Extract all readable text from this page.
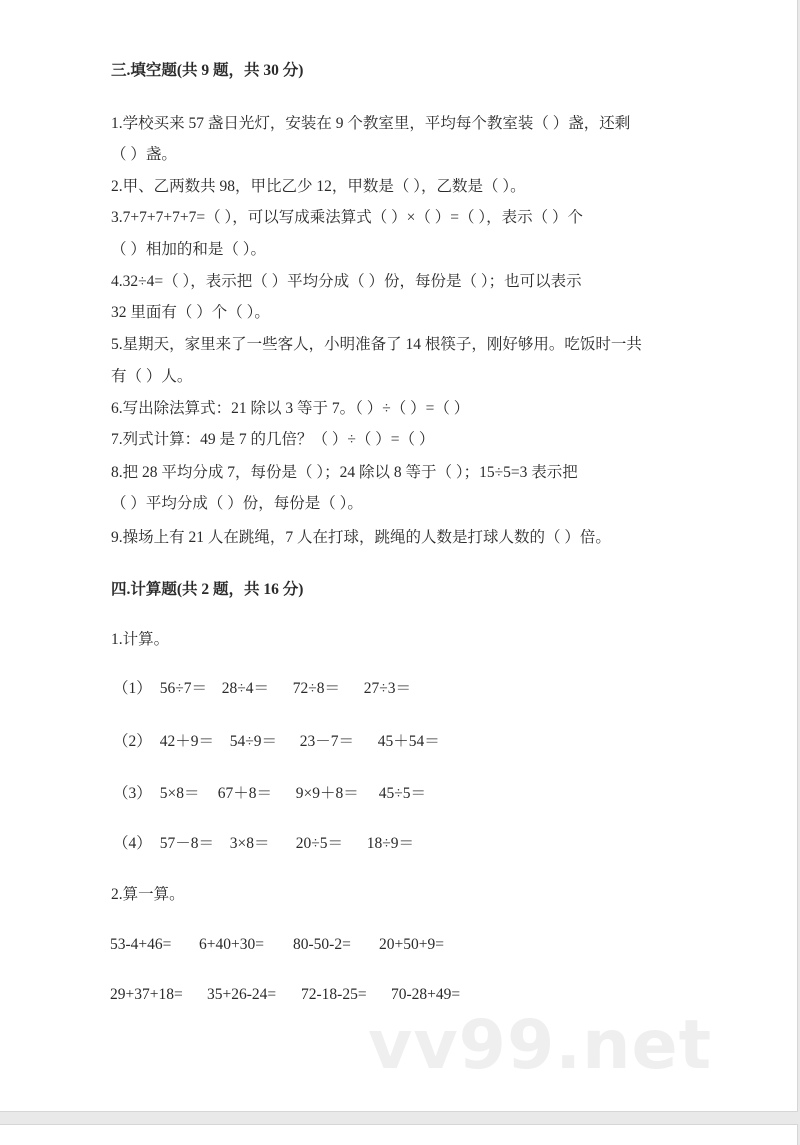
三.填空题(共 9 题，共 30 分)
1.学校买来 57 盏日光灯，安装在 9 个教室里，平均每个教室装（ ）盏，还剩
（ ）盏。
2.甲、乙两数共 98，甲比乙少 12，甲数是（ ），乙数是（ ）。
3.7+7+7+7+7=（ ），可以写成乘法算式（ ）×（ ）=（ ），表示（ ）个
（ ）相加的和是（ ）。
4.32÷4=（ ），表示把（ ）平均分成（ ）份，每份是（ ）；也可以表示
32 里面有（ ）个（ ）。
5.星期天，家里来了一些客人，小明准备了 14 根筷子，刚好够用。吃饭时一共
有（ ）人。
6.写出除法算式：21 除以 3 等于 7。（ ）÷（ ）=（ ）
7.列式计算：49 是 7 的几倍？（ ）÷（ ）=（ ）
8.把 28 平均分成 7，每份是（ ）；24 除以 8 等于（ ）；15÷5=3 表示把
（ ）平均分成（ ）份，每份是（ ）。
9.操场上有 21 人在跳绳，7 人在打球，跳绳的人数是打球人数的（ ）倍。
四.计算题(共 2 题，共 16 分)
1.计算。
（1） 56÷7＝ 28÷4＝	72÷8＝	27÷3＝
（2） 42＋9＝	54÷9＝	23－7＝	45＋54＝
（3） 5×8＝	67＋8＝	9×9＋8＝	45÷5＝
（4） 57－8＝	3×8＝	20÷5＝	18÷9＝
2.算一算。
53-4+46=	6+40+30=	80-50-2=	20+50+9=
29+37+18=	35+26-24=	72-18-25=	70-28+49=
vv99.net
